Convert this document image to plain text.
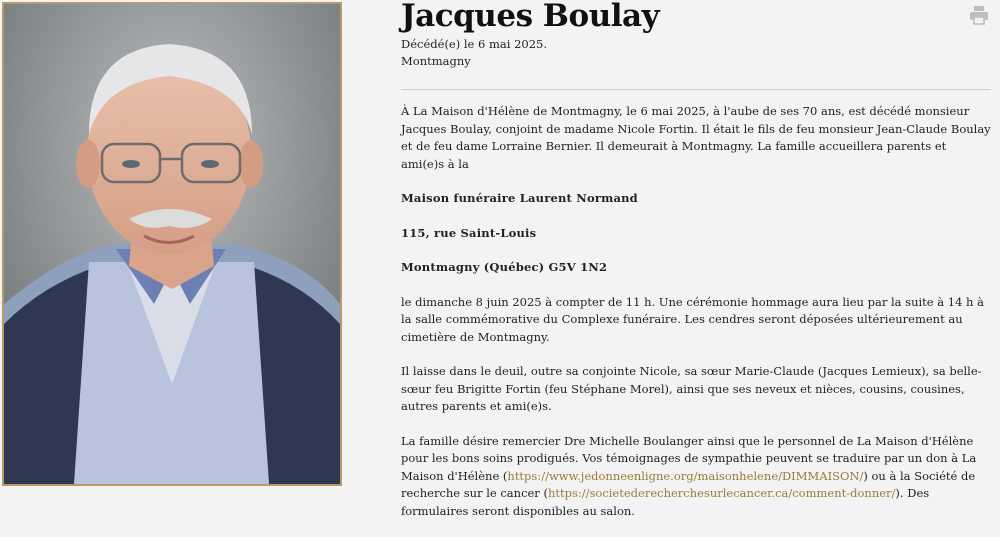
Jacques Boulay
Décédé(e) le 6 mai 2025.
Montmagny

À La Maison d'Hélène de Montmagny, le 6 mai 2025, à l'aube de ses 70 ans, est décédé monsieur Jacques Boulay, conjoint de madame Nicole Fortin. Il était le fils de feu monsieur Jean-Claude Boulay et de feu dame Lorraine Bernier. Il demeurait à Montmagny. La famille accueillera parents et ami(e)s à la

Maison funéraire Laurent Normand

115, rue Saint-Louis

Montmagny (Québec) G5V 1N2

le dimanche 8 juin 2025 à compter de 11 h. Une cérémonie hommage aura lieu par la suite à 14 h à la salle commémorative du Complexe funéraire. Les cendres seront déposées ultérieurement au cimetière de Montmagny.

Il laisse dans le deuil, outre sa conjointe Nicole, sa sœur Marie-Claude (Jacques Lemieux), sa belle-sœur feu Brigitte Fortin (feu Stéphane Morel), ainsi que ses neveux et nièces, cousins, cousines, autres parents et ami(e)s.

La famille désire remercier Dre Michelle Boulanger ainsi que le personnel de La Maison d'Hélène pour les bons soins prodigués. Vos témoignages de sympathie peuvent se traduire par un don à La Maison d'Hélène (https://www.jedonneenligne.org/maisonhelene/DIMMAISON/) ou à la Société de recherche sur le cancer (https://societederecherchesurlecancer.ca/comment-donner/). Des formulaires seront disponibles au salon.
